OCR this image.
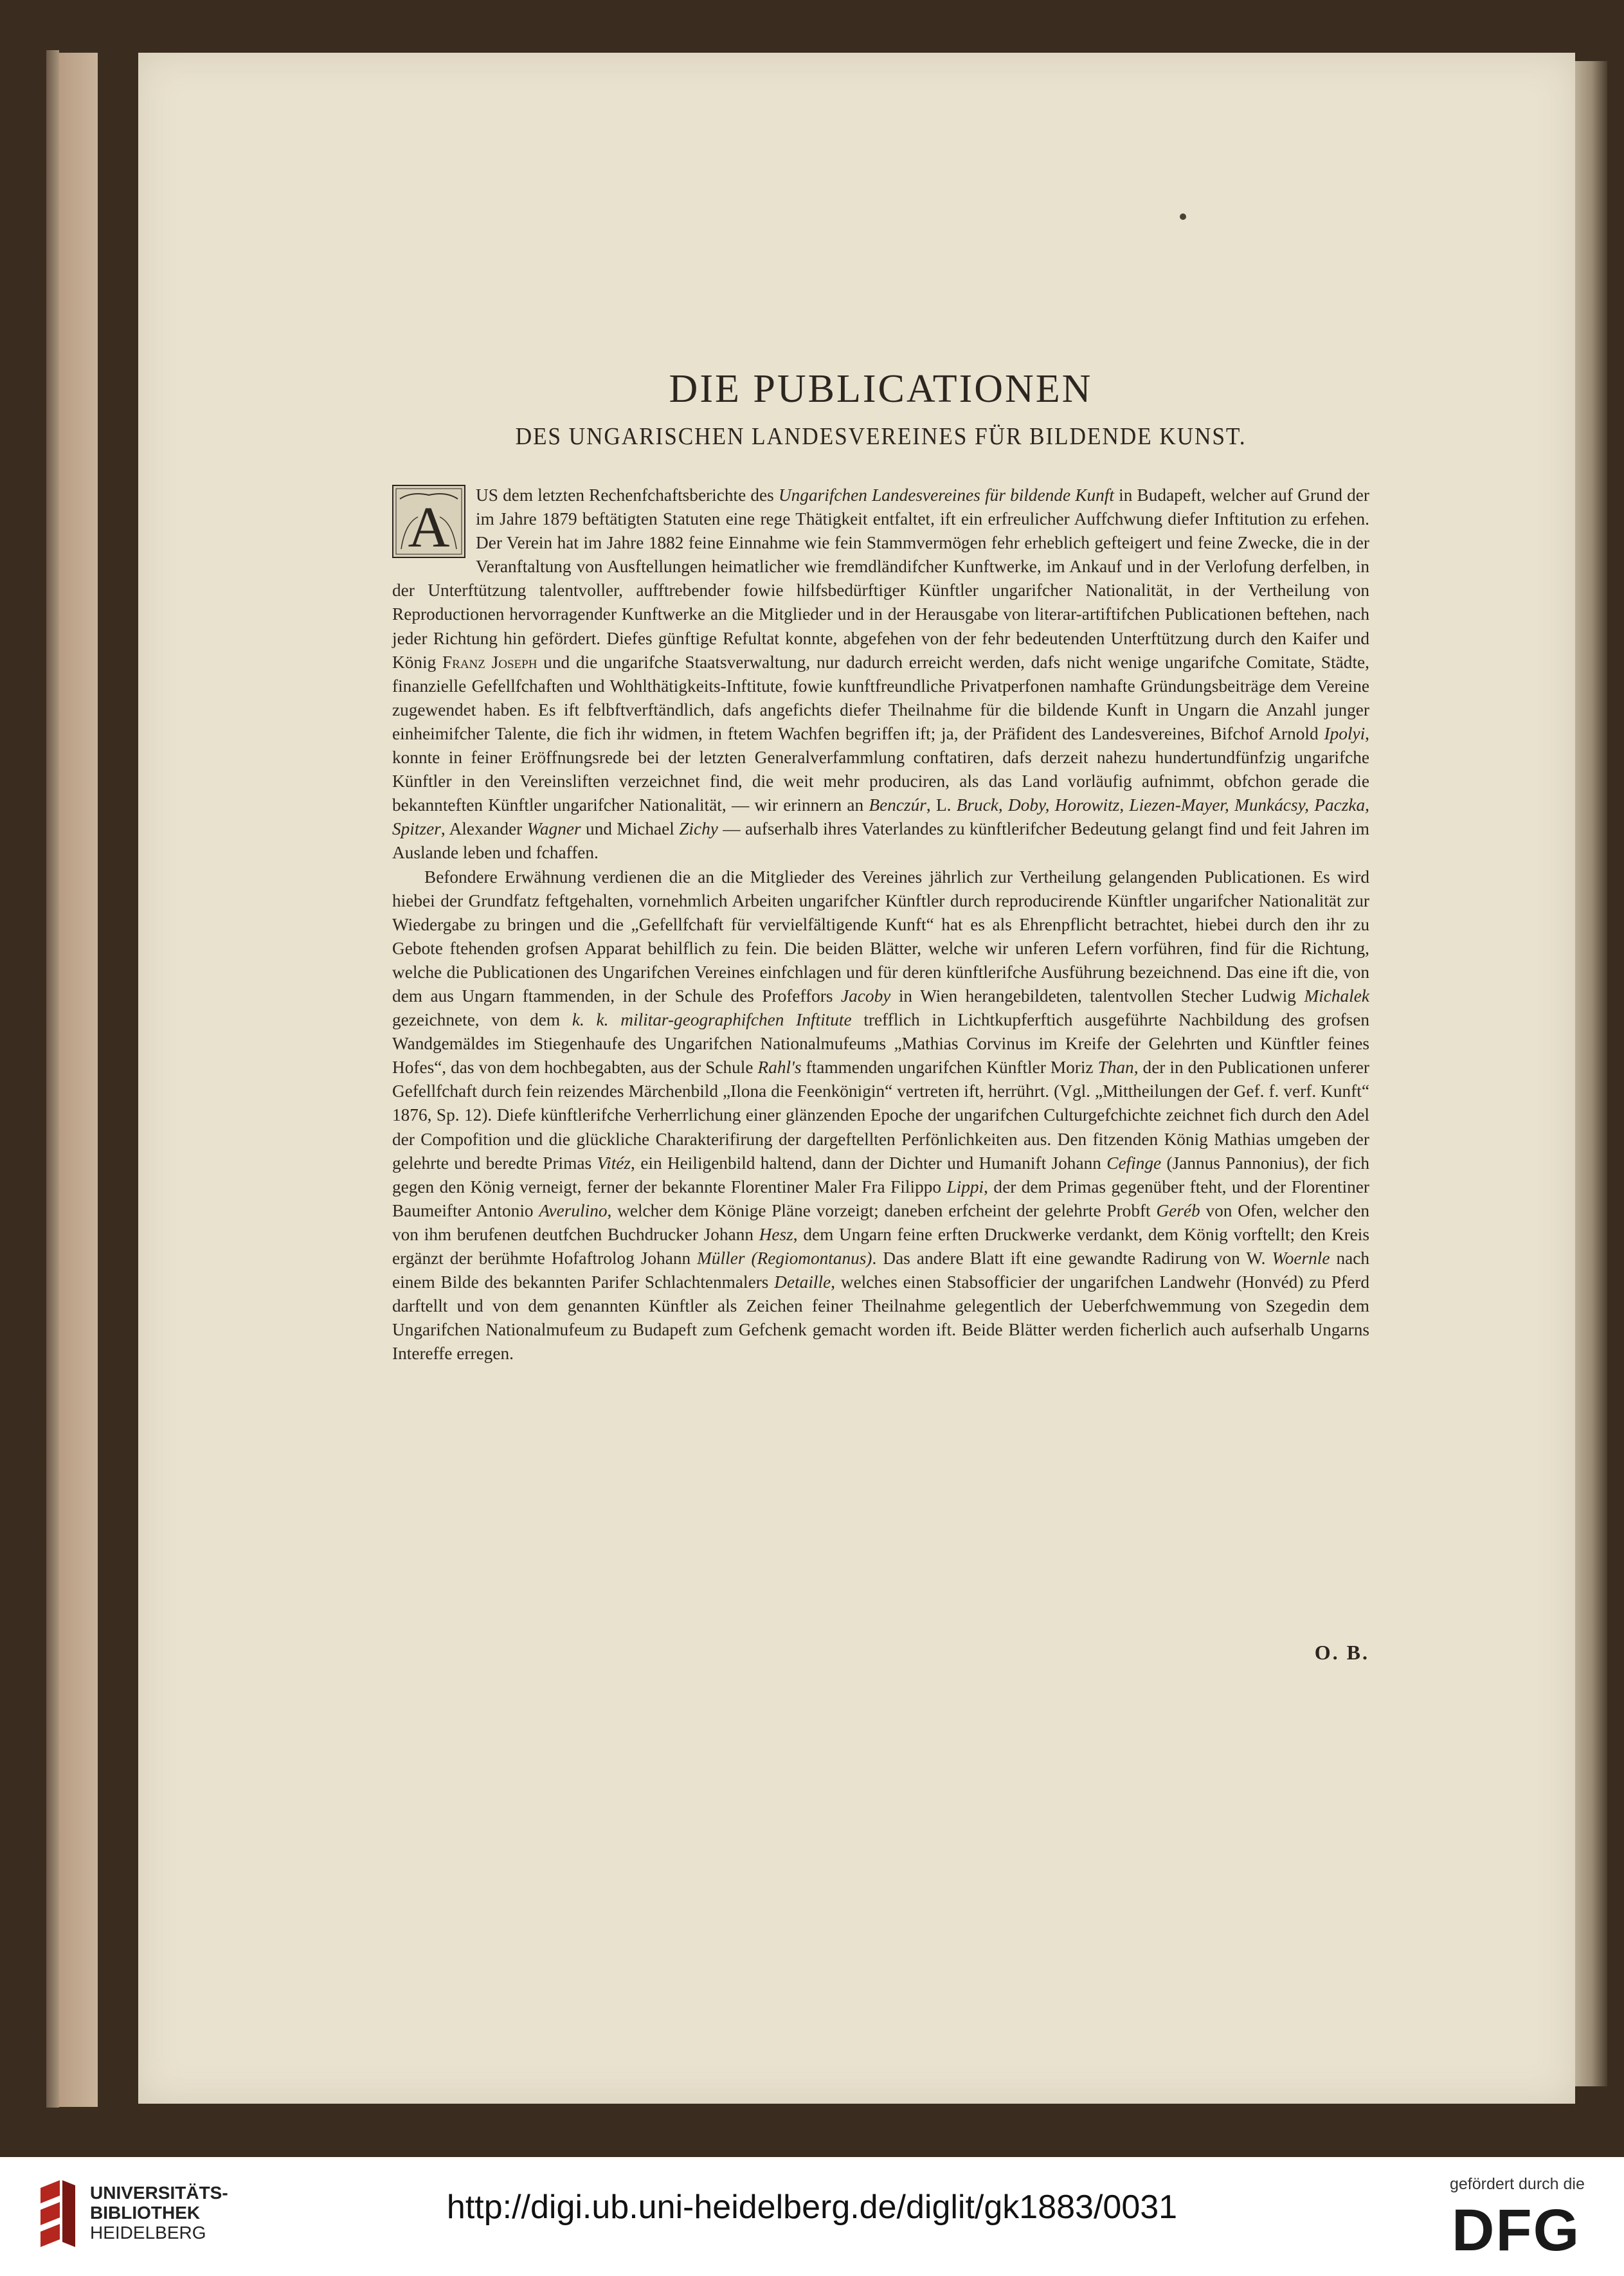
DIE PUBLICATIONEN
DES UNGARISCHEN LANDESVEREINES FÜR BILDENDE KUNST.

A
US dem letzten Rechenfchaftsberichte des Ungarifchen Landesvereines für bildende Kunft in Budapeft, welcher auf Grund der im Jahre 1879 beftätigten Statuten eine rege Thätigkeit entfaltet, ift ein erfreulicher Auffchwung diefer Inftitution zu erfehen. Der Verein hat im Jahre 1882 feine Einnahme wie fein Stammvermögen fehr erheblich gefteigert und feine Zwecke, die in der Veranftaltung von Ausftellungen heimatlicher wie fremdländifcher Kunftwerke, im Ankauf und in der Verlofung derfelben, in der Unterftützung talentvoller, aufftrebender fowie hilfsbedürftiger Künftler ungarifcher Nationalität, in der Vertheilung von Reproductionen hervorragender Kunftwerke an die Mitglieder und in der Herausgabe von literar-artiftifchen Publicationen beftehen, nach jeder Richtung hin gefördert. Diefes günftige Refultat konnte, abgefehen von der fehr bedeutenden Unterftützung durch den Kaifer und König Franz Joseph und die ungarifche Staatsverwaltung, nur dadurch erreicht werden, dafs nicht wenige ungarifche Comitate, Städte, finanzielle Gefellfchaften und Wohlthätigkeits-Inftitute, fowie kunftfreundliche Privatperfonen namhafte Gründungsbeiträge dem Vereine zugewendet haben. Es ift felbftverftändlich, dafs angefichts diefer Theilnahme für die bildende Kunft in Ungarn die Anzahl junger einheimifcher Talente, die fich ihr widmen, in ftetem Wachfen begriffen ift; ja, der Präfident des Landesvereines, Bifchof Arnold Ipolyi, konnte in feiner Eröffnungsrede bei der letzten Generalverfammlung conftatiren, dafs derzeit nahezu hundertundfünfzig ungarifche Künftler in den Vereinsliften verzeichnet find, die weit mehr produciren, als das Land vorläufig aufnimmt, obfchon gerade die bekannteften Künftler ungarifcher Nationalität, — wir erinnern an Benczúr, L. Bruck, Doby, Horowitz, Liezen-Mayer, Munkácsy, Paczka, Spitzer, Alexander Wagner und Michael Zichy — aufserhalb ihres Vaterlandes zu künftlerifcher Bedeutung gelangt find und feit Jahren im Auslande leben und fchaffen.

Befondere Erwähnung verdienen die an die Mitglieder des Vereines jährlich zur Vertheilung gelangenden Publicationen. Es wird hiebei der Grundfatz feftgehalten, vornehmlich Arbeiten ungarifcher Künftler durch reproducirende Künftler ungarifcher Nationalität zur Wiedergabe zu bringen und die „Gefellfchaft für vervielfältigende Kunft“ hat es als Ehrenpflicht betrachtet, hiebei durch den ihr zu Gebote ftehenden grofsen Apparat behilflich zu fein. Die beiden Blätter, welche wir unferen Lefern vorführen, find für die Richtung, welche die Publicationen des Ungarifchen Vereines einfchlagen und für deren künftlerifche Ausführung bezeichnend. Das eine ift die, von dem aus Ungarn ftammenden, in der Schule des Profeffors Jacoby in Wien herangebildeten, talentvollen Stecher Ludwig Michalek gezeichnete, von dem k. k. militar-geographifchen Inftitute trefflich in Lichtkupferftich ausgeführte Nachbildung des grofsen Wandgemäldes im Stiegenhaufe des Ungarifchen Nationalmufeums „Mathias Corvinus im Kreife der Gelehrten und Künftler feines Hofes“, das von dem hochbegabten, aus der Schule Rahl's ftammenden ungarifchen Künftler Moriz Than, der in den Publicationen unferer Gefellfchaft durch fein reizendes Märchenbild „Ilona die Feenkönigin“ vertreten ift, herrührt. (Vgl. „Mittheilungen der Gef. f. verf. Kunft“ 1876, Sp. 12). Diefe künftlerifche Verherrlichung einer glänzenden Epoche der ungarifchen Culturgefchichte zeichnet fich durch den Adel der Compofition und die glückliche Charakterifirung der dargeftellten Perfönlichkeiten aus. Den fitzenden König Mathias umgeben der gelehrte und beredte Primas Vitéz, ein Heiligenbild haltend, dann der Dichter und Humanift Johann Cefinge (Jannus Pannonius), der fich gegen den König verneigt, ferner der bekannte Florentiner Maler Fra Filippo Lippi, der dem Primas gegenüber fteht, und der Florentiner Baumeifter Antonio Averulino, welcher dem Könige Pläne vorzeigt; daneben erfcheint der gelehrte Probft Geréb von Ofen, welcher den von ihm berufenen deutfchen Buchdrucker Johann Hesz, dem Ungarn feine erften Druckwerke verdankt, dem König vorftellt; den Kreis ergänzt der berühmte Hofaftrolog Johann Müller (Regiomontanus). Das andere Blatt ift eine gewandte Radirung von W. Woernle nach einem Bilde des bekannten Parifer Schlachtenmalers Detaille, welches einen Stabsofficier der ungarifchen Landwehr (Honvéd) zu Pferd darftellt und von dem genannten Künftler als Zeichen feiner Theilnahme gelegentlich der Ueberfchwemmung von Szegedin dem Ungarifchen Nationalmufeum zu Budapeft zum Gefchenk gemacht worden ift. Beide Blätter werden ficherlich auch aufserhalb Ungarns Intereffe erregen.

O. B.
UNIVERSITÄTS-
BIBLIOTHEK
HEIDELBERG
http://digi.ub.uni-heidelberg.de/diglit/gk1883/0031
gefördert durch die
DFG
